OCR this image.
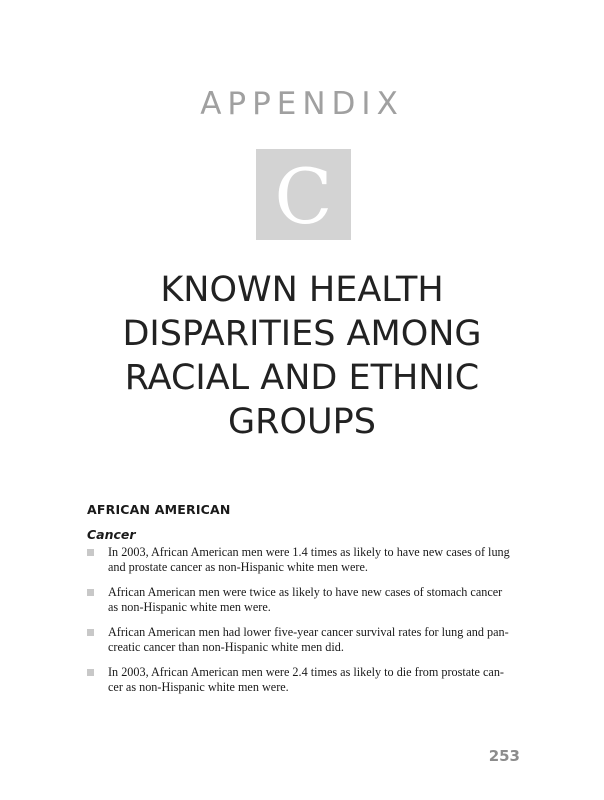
APPENDIX
C
KNOWN HEALTH
DISPARITIES AMONG
RACIAL AND ETHNIC
GROUPS
AFRICAN AMERICAN
Cancer
In 2003, African American men were 1.4 times as likely to have new cases of lung
and prostate cancer as non-Hispanic white men were.
African American men were twice as likely to have new cases of stomach cancer
as non-Hispanic white men were.
African American men had lower five-year cancer survival rates for lung and pan-
creatic cancer than non-Hispanic white men did.
In 2003, African American men were 2.4 times as likely to die from prostate can-
cer as non-Hispanic white men were.
253
